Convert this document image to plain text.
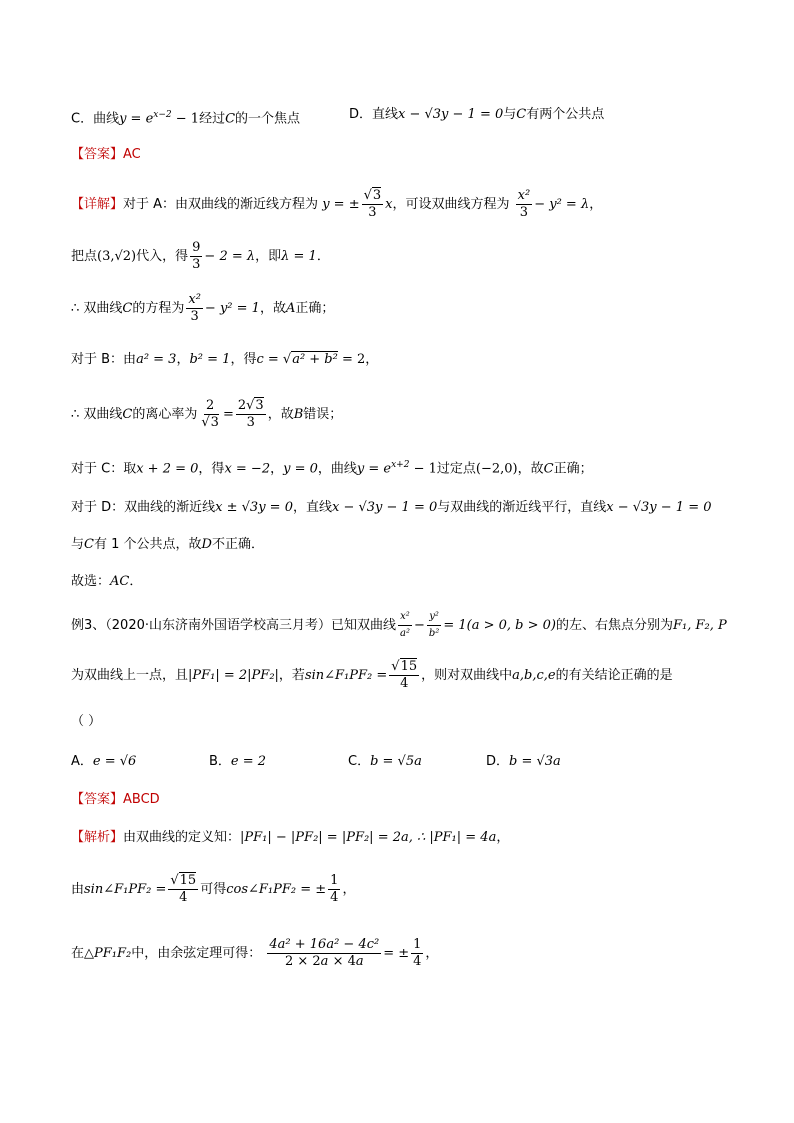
C．曲线$y = e^{x-2} - 1$经过C的一个焦点	D．直线x − √3y − 1 = 0与C有两个公共点
【答案】AC
【详解】对于 A：由双曲线的渐近线方程为 y = ± $\frac{√3}{3}$ x，可设双曲线方程为 $\frac{\text{x²}}{3} - y^2 = \lambda$，
把点(3,√2)代入，得 $\frac{9}{3} - 2 = \lambda$，即λ = 1．
∴ 双曲线C的方程为 $\frac{\text{x²}}{3} - y^2 = 1$，故A正确；
对于 B：由a² = 3，b² = 1，得c = √a² + b² = 2，
∴ 双曲线C的离心率为 $\frac{2}{√3} = \frac{2√3}{3}$ ，故B错误；
对于 C：取x + 2 = 0，得x = −2，y = 0，曲线$y = e^{x+2} - 1$过定点(−2,0)，故C正确；
对于 D：双曲线的渐近线x ± √3y = 0，直线x − √3y − 1 = 0与双曲线的渐近线平行，直线x − √3y − 1 = 0
与C有 1 个公共点，故D不正确．
故选：AC．
例3、（2020·山东济南外国语学校高三月考）已知双曲线 $\frac{\text{x²}}{\text{a²}} - \frac{\text{y²}}{\text{b²}} = 1(a > 0$, b > 0)的左、右焦点分别为F₁, F₂, P
为双曲线上一点，且|PF₁| = 2|PF₂|，若sin∠F₁PF₂ = $\frac{√15}{4}$ ，则对双曲线中a,b,c,e的有关结论正确的是
（ ）
A．e = √6	B．e = 2	C．b = √5a	D．b = √3a
【答案】ABCD
【解析】由双曲线的定义知：|PF₁| − |PF₂| = |PF₂| = 2a, ∴ |PF₁| = 4a，
由sin∠F₁PF₂ = $\frac{√15}{4}$ 可得cos∠F₁PF₂ = ± $\frac{1}{4}$ ，
在△PF₁F₂中，由余弦定理可得： $\frac{\text{4a² + 16a² − 4c²}}{2 \times 2a \times 4a}$ = ± $\frac{1}{4}$ ，
